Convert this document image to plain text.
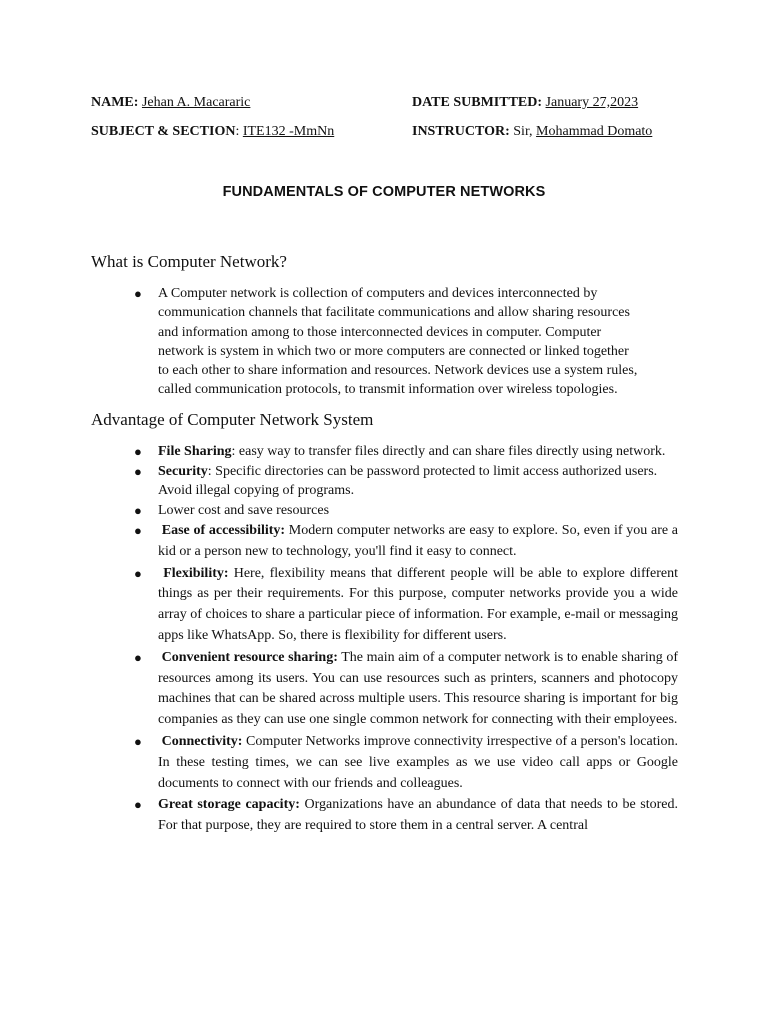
NAME: Jehan A. Macararic	DATE SUBMITTED: January 27,2023
SUBJECT & SECTION: ITE132 -MmNn	INSTRUCTOR: Sir, Mohammad Domato
FUNDAMENTALS OF COMPUTER NETWORKS
What is Computer Network?
● A Computer network is collection of computers and devices interconnected by
communication channels that facilitate communications and allow sharing resources
and information among to those interconnected devices in computer. Computer
network is system in which two or more computers are connected or linked together
to each other to share information and resources. Network devices use a system rules,
called communication protocols, to transmit information over wireless topologies.
Advantage of Computer Network System
● File Sharing: easy way to transfer files directly and can share files directly using network.
● Security: Specific directories can be password protected to limit access authorized users. Avoid illegal copying of programs.
● Lower cost and save resources
● Ease of accessibility: Modern computer networks are easy to explore. So, even if you are a kid or a person new to technology, you'll find it easy to connect.
● Flexibility: Here, flexibility means that different people will be able to explore different things as per their requirements. For this purpose, computer networks provide you a wide array of choices to share a particular piece of information. For example, e-mail or messaging apps like WhatsApp. So, there is flexibility for different users.
● Convenient resource sharing: The main aim of a computer network is to enable sharing of resources among its users. You can use resources such as printers, scanners and photocopy machines that can be shared across multiple users. This resource sharing is important for big companies as they can use one single common network for connecting with their employees.
● Connectivity: Computer Networks improve connectivity irrespective of a person's location. In these testing times, we can see live examples as we use video call apps or Google documents to connect with our friends and colleagues.
● Great storage capacity: Organizations have an abundance of data that needs to be stored. For that purpose, they are required to store them in a central server. A central
